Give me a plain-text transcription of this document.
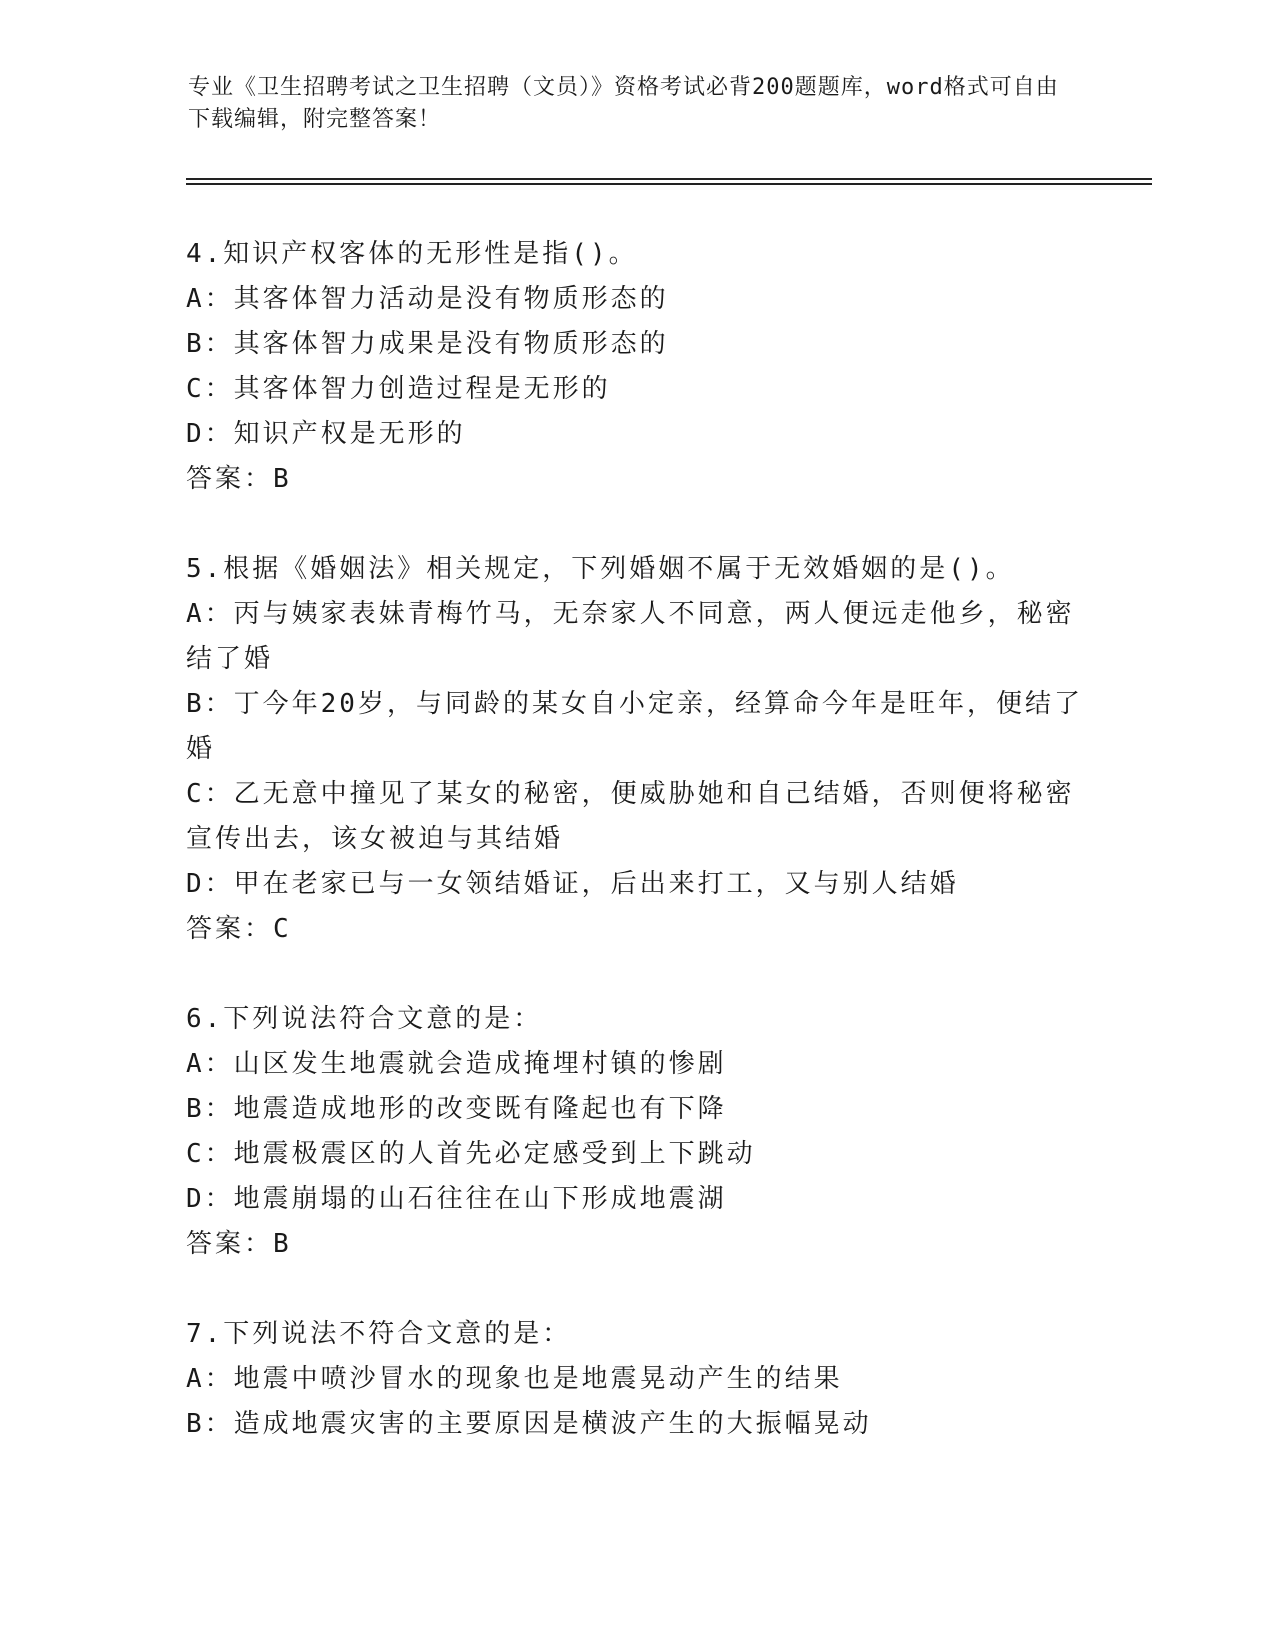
专业《卫生招聘考试之卫生招聘（文员）》资格考试必背200题题库，word格式可自由下载编辑，附完整答案！
4.知识产权客体的无形性是指()。
A：其客体智力活动是没有物质形态的
B：其客体智力成果是没有物质形态的
C：其客体智力创造过程是无形的
D：知识产权是无形的
答案：B
5.根据《婚姻法》相关规定，下列婚姻不属于无效婚姻的是()。
A：丙与姨家表妹青梅竹马，无奈家人不同意，两人便远走他乡，秘密结了婚
B：丁今年20岁，与同龄的某女自小定亲，经算命今年是旺年，便结了婚
C：乙无意中撞见了某女的秘密，便威胁她和自己结婚，否则便将秘密宣传出去，该女被迫与其结婚
D：甲在老家已与一女领结婚证，后出来打工，又与别人结婚
答案：C
6.下列说法符合文意的是：
A：山区发生地震就会造成掩埋村镇的惨剧
B：地震造成地形的改变既有隆起也有下降
C：地震极震区的人首先必定感受到上下跳动
D：地震崩塌的山石往往在山下形成地震湖
答案：B
7.下列说法不符合文意的是：
A：地震中喷沙冒水的现象也是地震晃动产生的结果
B：造成地震灾害的主要原因是横波产生的大振幅晃动
